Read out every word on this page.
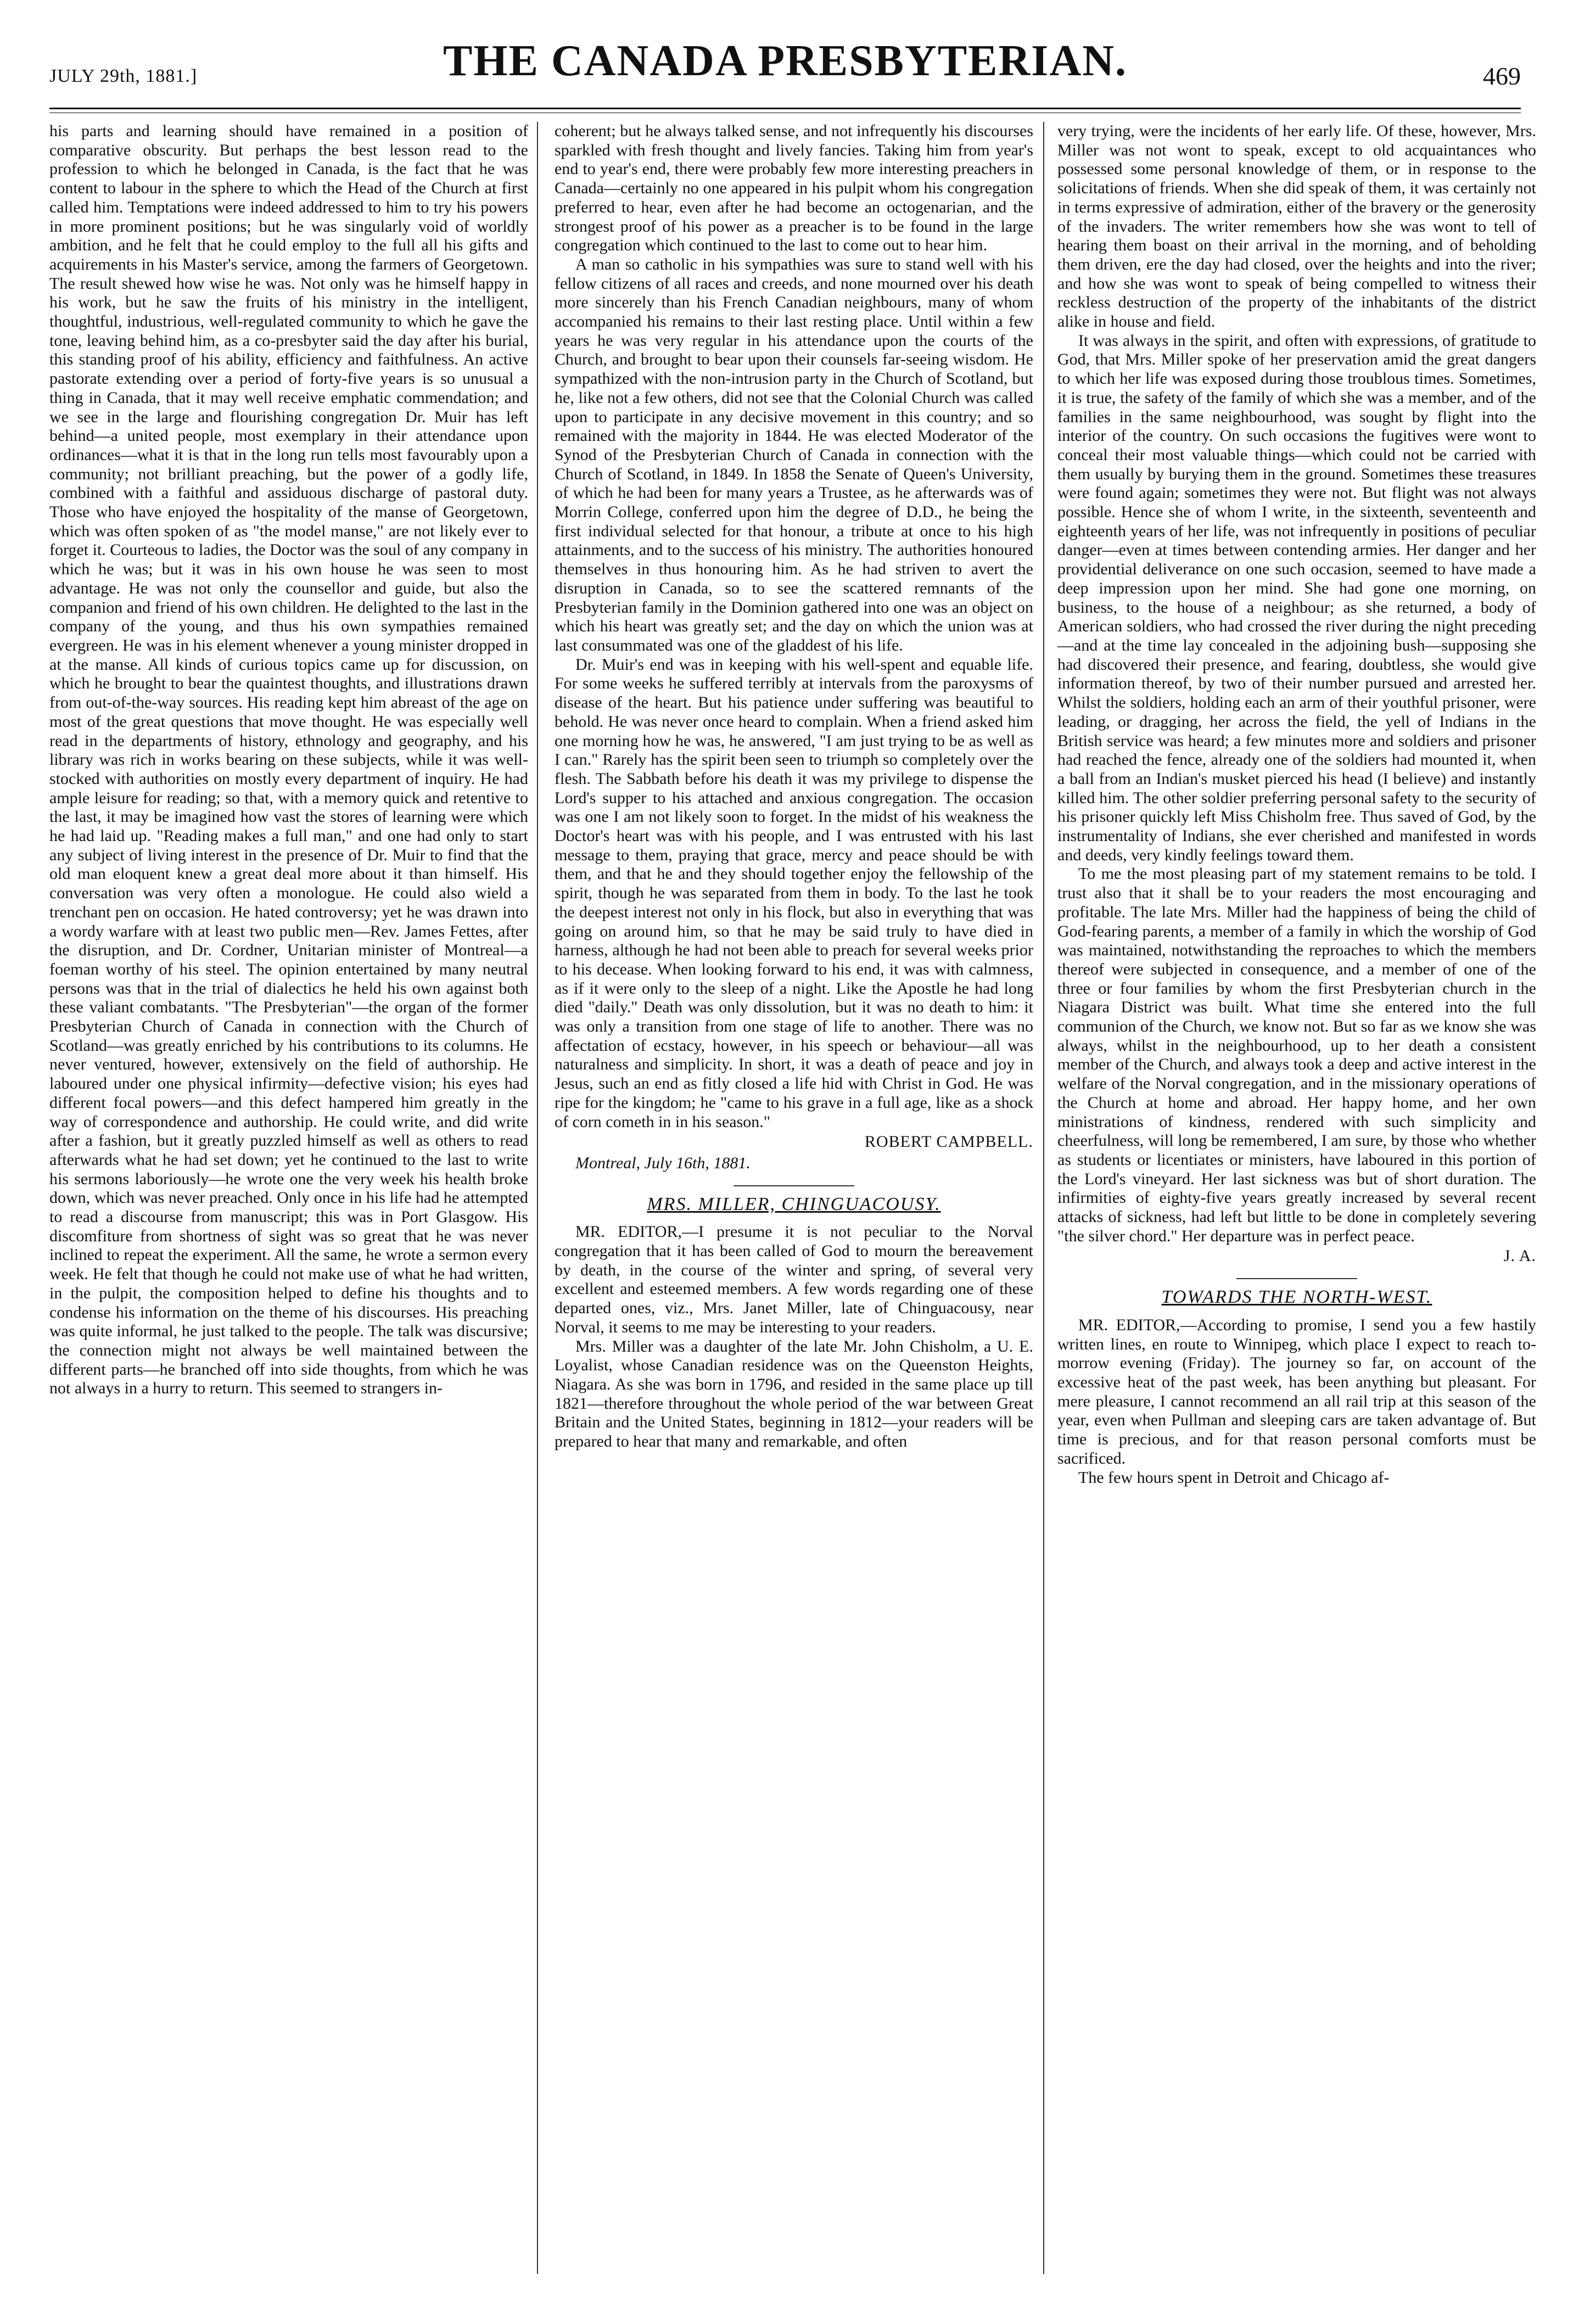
JULY 29th, 1881.]	THE CANADA PRESBYTERIAN.	469

his parts and learning should have remained in a position of comparative obscurity. But perhaps the best lesson read to the profession to which he belonged in Canada, is the fact that he was content to labour in the sphere to which the Head of the Church at first called him. Temptations were indeed addressed to him to try his powers in more prominent positions; but he was singularly void of worldly ambition, and he felt that he could employ to the full all his gifts and acquirements in his Master's service, among the farmers of Georgetown. The result shewed how wise he was. Not only was he himself happy in his work, but he saw the fruits of his ministry in the intelligent, thoughtful, industrious, well-regulated community to which he gave the tone, leaving behind him, as a co-presbyter said the day after his burial, this standing proof of his ability, efficiency and faithfulness. An active pastorate extending over a period of forty-five years is so unusual a thing in Canada, that it may well receive emphatic commendation; and we see in the large and flourishing congregation Dr. Muir has left behind—a united people, most exemplary in their attendance upon ordinances—what it is that in the long run tells most favourably upon a community; not brilliant preaching, but the power of a godly life, combined with a faithful and assiduous discharge of pastoral duty. Those who have enjoyed the hospitality of the manse of Georgetown, which was often spoken of as "the model manse," are not likely ever to forget it. Courteous to ladies, the Doctor was the soul of any company in which he was; but it was in his own house he was seen to most advantage. He was not only the counsellor and guide, but also the companion and friend of his own children. He delighted to the last in the company of the young, and thus his own sympathies remained evergreen. He was in his element whenever a young minister dropped in at the manse. All kinds of curious topics came up for discussion, on which he brought to bear the quaintest thoughts, and illustrations drawn from out-of-the-way sources. His reading kept him abreast of the age on most of the great questions that move thought. He was especially well read in the departments of history, ethnology and geography, and his library was rich in works bearing on these subjects, while it was well-stocked with authorities on mostly every department of inquiry. He had ample leisure for reading; so that, with a memory quick and retentive to the last, it may be imagined how vast the stores of learning were which he had laid up. "Reading makes a full man," and one had only to start any subject of living interest in the presence of Dr. Muir to find that the old man eloquent knew a great deal more about it than himself. His conversation was very often a monologue. He could also wield a trenchant pen on occasion. He hated controversy; yet he was drawn into a wordy warfare with at least two public men—Rev. James Fettes, after the disruption, and Dr. Cordner, Unitarian minister of Montreal—a foeman worthy of his steel. The opinion entertained by many neutral persons was that in the trial of dialectics he held his own against both these valiant combatants. "The Presbyterian"—the organ of the former Presbyterian Church of Canada in connection with the Church of Scotland—was greatly enriched by his contributions to its columns. He never ventured, however, extensively on the field of authorship. He laboured under one physical infirmity—defective vision; his eyes had different focal powers—and this defect hampered him greatly in the way of correspondence and authorship. He could write, and did write after a fashion, but it greatly puzzled himself as well as others to read afterwards what he had set down; yet he continued to the last to write his sermons laboriously—he wrote one the very week his health broke down, which was never preached. Only once in his life had he attempted to read a discourse from manuscript; this was in Port Glasgow. His discomfiture from shortness of sight was so great that he was never inclined to repeat the experiment. All the same, he wrote a sermon every week. He felt that though he could not make use of what he had written, in the pulpit, the composition helped to define his thoughts and to condense his information on the theme of his discourses. His preaching was quite informal, he just talked to the people. The talk was discursive; the connection might not always be well maintained between the different parts—he branched off into side thoughts, from which he was not always in a hurry to return. This seemed to strangers in-

coherent; but he always talked sense, and not infrequently his discourses sparkled with fresh thought and lively fancies. Taking him from year's end to year's end, there were probably few more interesting preachers in Canada—certainly no one appeared in his pulpit whom his congregation preferred to hear, even after he had become an octogenarian, and the strongest proof of his power as a preacher is to be found in the large congregation which continued to the last to come out to hear him.

A man so catholic in his sympathies was sure to stand well with his fellow citizens of all races and creeds, and none mourned over his death more sincerely than his French Canadian neighbours, many of whom accompanied his remains to their last resting place. Until within a few years he was very regular in his attendance upon the courts of the Church, and brought to bear upon their counsels far-seeing wisdom. He sympathized with the non-intrusion party in the Church of Scotland, but he, like not a few others, did not see that the Colonial Church was called upon to participate in any decisive movement in this country; and so remained with the majority in 1844. He was elected Moderator of the Synod of the Presbyterian Church of Canada in connection with the Church of Scotland, in 1849. In 1858 the Senate of Queen's University, of which he had been for many years a Trustee, as he afterwards was of Morrin College, conferred upon him the degree of D.D., he being the first individual selected for that honour, a tribute at once to his high attainments, and to the success of his ministry. The authorities honoured themselves in thus honouring him. As he had striven to avert the disruption in Canada, so to see the scattered remnants of the Presbyterian family in the Dominion gathered into one was an object on which his heart was greatly set; and the day on which the union was at last consummated was one of the gladdest of his life.

Dr. Muir's end was in keeping with his well-spent and equable life. For some weeks he suffered terribly at intervals from the paroxysms of disease of the heart. But his patience under suffering was beautiful to behold. He was never once heard to complain. When a friend asked him one morning how he was, he answered, "I am just trying to be as well as I can." Rarely has the spirit been seen to triumph so completely over the flesh. The Sabbath before his death it was my privilege to dispense the Lord's supper to his attached and anxious congregation. The occasion was one I am not likely soon to forget. In the midst of his weakness the Doctor's heart was with his people, and I was entrusted with his last message to them, praying that grace, mercy and peace should be with them, and that he and they should together enjoy the fellowship of the spirit, though he was separated from them in body. To the last he took the deepest interest not only in his flock, but also in everything that was going on around him, so that he may be said truly to have died in harness, although he had not been able to preach for several weeks prior to his decease. When looking forward to his end, it was with calmness, as if it were only to the sleep of a night. Like the Apostle he had long died "daily." Death was only dissolution, but it was no death to him: it was only a transition from one stage of life to another. There was no affectation of ecstacy, however, in his speech or behaviour—all was naturalness and simplicity. In short, it was a death of peace and joy in Jesus, such an end as fitly closed a life hid with Christ in God. He was ripe for the kingdom; he "came to his grave in a full age, like as a shock of corn cometh in in his season."

ROBERT CAMPBELL.
Montreal, July 16th, 1881.
MRS. MILLER, CHINGUACOUSY.

MR. EDITOR,—I presume it is not peculiar to the Norval congregation that it has been called of God to mourn the bereavement by death, in the course of the winter and spring, of several very excellent and esteemed members. A few words regarding one of these departed ones, viz., Mrs. Janet Miller, late of Chinguacousy, near Norval, it seems to me may be interesting to your readers.

Mrs. Miller was a daughter of the late Mr. John Chisholm, a U. E. Loyalist, whose Canadian residence was on the Queenston Heights, Niagara. As she was born in 1796, and resided in the same place up till 1821—therefore throughout the whole period of the war between Great Britain and the United States, beginning in 1812—your readers will be prepared to hear that many and remarkable, and often

very trying, were the incidents of her early life. Of these, however, Mrs. Miller was not wont to speak, except to old acquaintances who possessed some personal knowledge of them, or in response to the solicitations of friends. When she did speak of them, it was certainly not in terms expressive of admiration, either of the bravery or the generosity of the invaders. The writer remembers how she was wont to tell of hearing them boast on their arrival in the morning, and of beholding them driven, ere the day had closed, over the heights and into the river; and how she was wont to speak of being compelled to witness their reckless destruction of the property of the inhabitants of the district alike in house and field.

It was always in the spirit, and often with expressions, of gratitude to God, that Mrs. Miller spoke of her preservation amid the great dangers to which her life was exposed during those troublous times. Sometimes, it is true, the safety of the family of which she was a member, and of the families in the same neighbourhood, was sought by flight into the interior of the country. On such occasions the fugitives were wont to conceal their most valuable things—which could not be carried with them usually by burying them in the ground. Sometimes these treasures were found again; sometimes they were not. But flight was not always possible. Hence she of whom I write, in the sixteenth, seventeenth and eighteenth years of her life, was not infrequently in positions of peculiar danger—even at times between contending armies. Her danger and her providential deliverance on one such occasion, seemed to have made a deep impression upon her mind. She had gone one morning, on business, to the house of a neighbour; as she returned, a body of American soldiers, who had crossed the river during the night preceding—and at the time lay concealed in the adjoining bush—supposing she had discovered their presence, and fearing, doubtless, she would give information thereof, by two of their number pursued and arrested her. Whilst the soldiers, holding each an arm of their youthful prisoner, were leading, or dragging, her across the field, the yell of Indians in the British service was heard; a few minutes more and soldiers and prisoner had reached the fence, already one of the soldiers had mounted it, when a ball from an Indian's musket pierced his head (I believe) and instantly killed him. The other soldier preferring personal safety to the security of his prisoner quickly left Miss Chisholm free. Thus saved of God, by the instrumentality of Indians, she ever cherished and manifested in words and deeds, very kindly feelings toward them.

To me the most pleasing part of my statement remains to be told. I trust also that it shall be to your readers the most encouraging and profitable. The late Mrs. Miller had the happiness of being the child of God-fearing parents, a member of a family in which the worship of God was maintained, notwithstanding the reproaches to which the members thereof were subjected in consequence, and a member of one of the three or four families by whom the first Presbyterian church in the Niagara District was built. What time she entered into the full communion of the Church, we know not. But so far as we know she was always, whilst in the neighbourhood, up to her death a consistent member of the Church, and always took a deep and active interest in the welfare of the Norval congregation, and in the missionary operations of the Church at home and abroad. Her happy home, and her own ministrations of kindness, rendered with such simplicity and cheerfulness, will long be remembered, I am sure, by those who whether as students or licentiates or ministers, have laboured in this portion of the Lord's vineyard. Her last sickness was but of short duration. The infirmities of eighty-five years greatly increased by several recent attacks of sickness, had left but little to be done in completely severing "the silver chord." Her departure was in perfect peace.

J. A.
TOWARDS THE NORTH-WEST.

MR. EDITOR,—According to promise, I send you a few hastily written lines, en route to Winnipeg, which place I expect to reach to-morrow evening (Friday). The journey so far, on account of the excessive heat of the past week, has been anything but pleasant. For mere pleasure, I cannot recommend an all rail trip at this season of the year, even when Pullman and sleeping cars are taken advantage of. But time is precious, and for that reason personal comforts must be sacrificed.

The few hours spent in Detroit and Chicago af-
